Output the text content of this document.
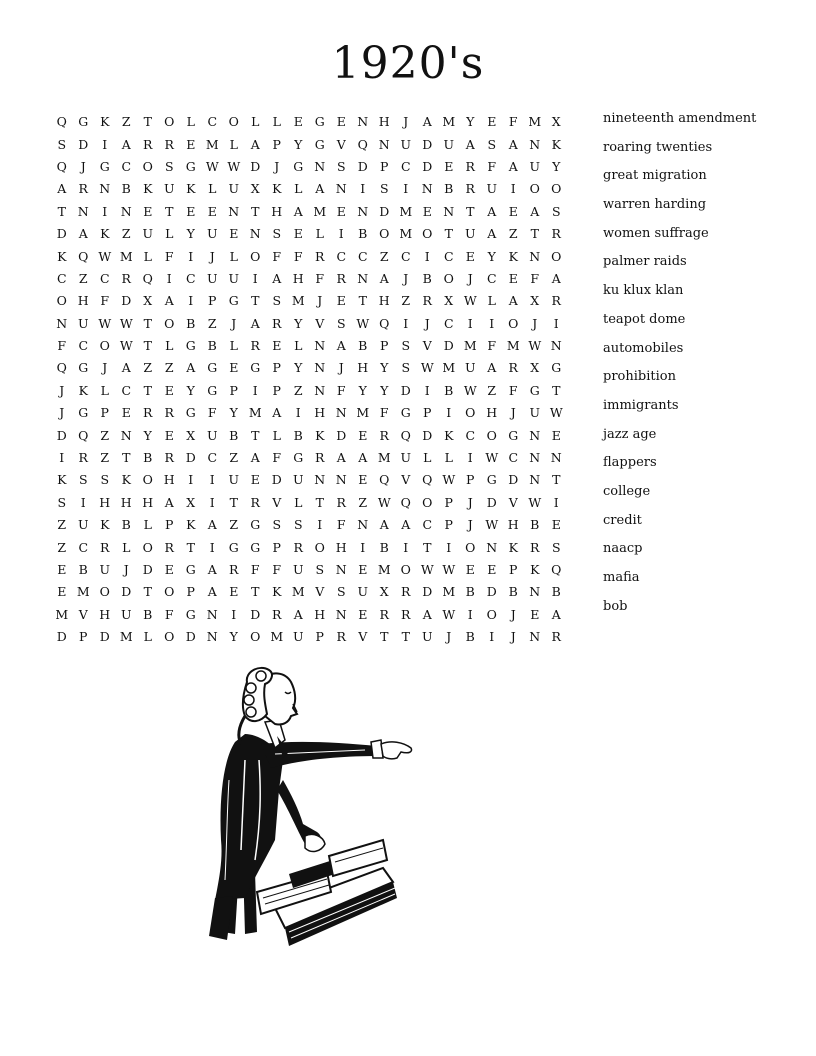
1920's
Q G K Z	T O L	C O L	L	E G E N H	J	A M Y	E	F M X
S D	I	A R R E M L	A	P	Y G V Q N U D U A	S	A N K
Q	J	G C O S G W W D	J	G N S D P	C D E R F	A U Y
A R N B K U K	L U X K	L	A N	I	S	I	N B R U	I	O O
T N	I	N E	T	E E N T H A M E N D M E N T	A E A	S
D A K Z U L	Y U E N S	E	L	I	B O M O T U A	Z	T	R
K Q W M L	F	I	J	L O F	F R C C Z C	I	C E	Y	K N O
C Z C R Q	I	C U U	I	A H F R N A	J	B O	J	C E	F	A
O H F D X	A	I	P G T	S M	J	E	T H Z R X W L	A	X R
N U W W T O B	Z	J	A R	Y	V	S W Q	I	J	C	I	I	O	J	I
F C O W T	L G B	L	R E	L N A B	P	S	V D M F M W N
Q G	J	A	Z	Z	A G E G P	Y N	J	H Y	S W M U A R X G
J	K	L	C	T	E	Y G P	I	P	Z N F	Y	Y D	I	B W Z	F G T
J	G P	E R R G F	Y M A	I	H N M F G P	I	O H	J	U W
D Q Z N Y	E X U B	T	L	B K D E R Q D K C O G N E
I	R Z	T	B R D C Z	A	F G R A A M U L	L	I	W C N N
K	S	S	K O H	I	I	U E D U N N E Q V Q W P G D N T
S	I	H H H A	X	I	T	R V	L	T	R Z W Q O P	J	D V W	I
Z U K B	L	P	K A	Z G S	S	I	F N A A C	P	J	W H B E
Z C R	L O R	T	I	G G P	R O H	I	B	I	T	I	O N K R	S
E B U	J	D E G A R F	F U S N E M O W W E E	P	K Q
E M O D T O P	A E	T	K M V	S U X R D M B D B N B
M V H U B	F G N	I	D R A H N E R R A W	I	O	J	E A
D P D M L O D N Y O M U P	R V	T	T U	J	B	I	J	N R
nineteenth amendment
roaring twenties
great migration
warren harding
women suffrage
palmer raids
ku klux klan
teapot dome
automobiles
prohibition
immigrants
jazz age
flappers
college
credit
naacp
mafia
bob
